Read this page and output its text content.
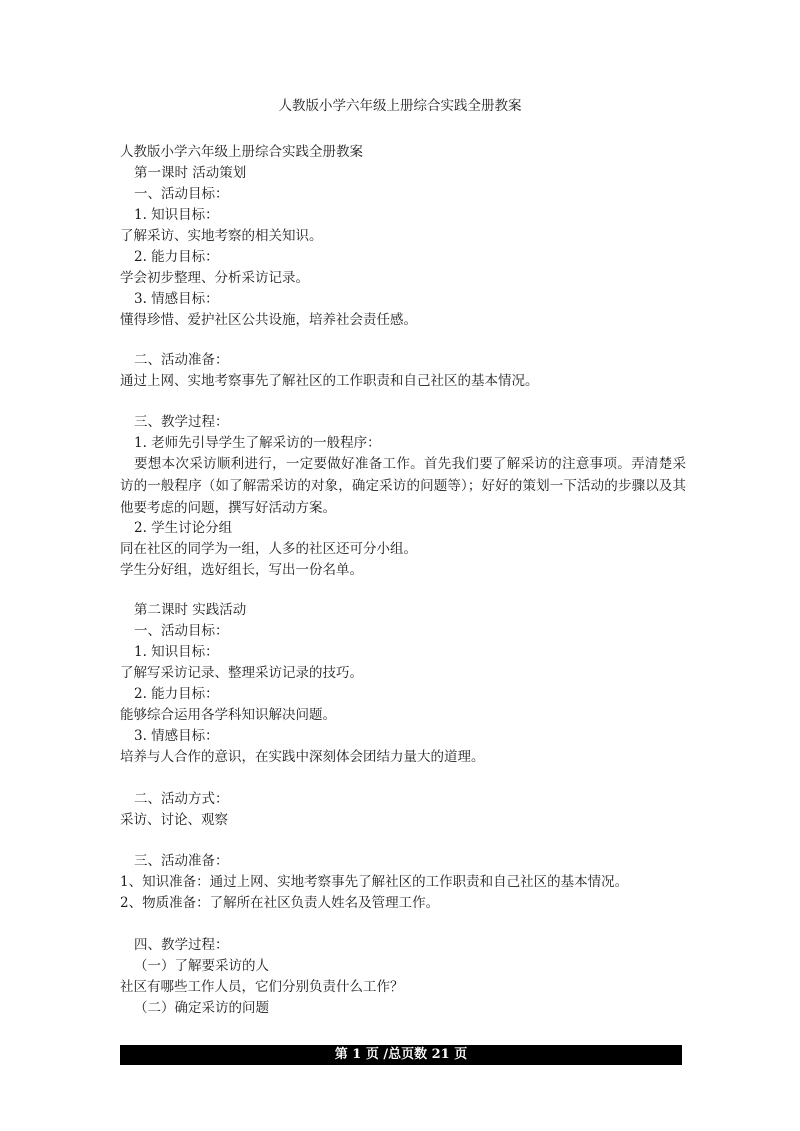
人教版小学六年级上册综合实践全册教案
人教版小学六年级上册综合实践全册教案
第一课时 活动策划
一、活动目标：
1. 知识目标：
了解采访、实地考察的相关知识。
2. 能力目标：
学会初步整理、分析采访记录。
3. 情感目标：
懂得珍惜、爱护社区公共设施，培养社会责任感。
二、活动准备：
通过上网、实地考察事先了解社区的工作职责和自己社区的基本情况。
三、教学过程：
1. 老师先引导学生了解采访的一般程序：
要想本次采访顺利进行，一定要做好准备工作。首先我们要了解采访的注意事项。弄清楚采访的一般程序（如了解需采访的对象，确定采访的问题等）；好好的策划一下活动的步骤以及其他要考虑的问题，撰写好活动方案。
2. 学生讨论分组
同在社区的同学为一组，人多的社区还可分小组。
学生分好组，选好组长，写出一份名单。
第二课时 实践活动
一、活动目标：
1. 知识目标：
了解写采访记录、整理采访记录的技巧。
2. 能力目标：
能够综合运用各学科知识解决问题。
3. 情感目标：
培养与人合作的意识，在实践中深刻体会团结力量大的道理。
二、活动方式：
采访、讨论、观察
三、活动准备：
1、知识准备：通过上网、实地考察事先了解社区的工作职责和自己社区的基本情况。
2、物质准备：了解所在社区负责人姓名及管理工作。
四、教学过程：
（一）了解要采访的人
社区有哪些工作人员，它们分别负责什么工作？
（二）确定采访的问题
第 1 页 /总页数 21 页
